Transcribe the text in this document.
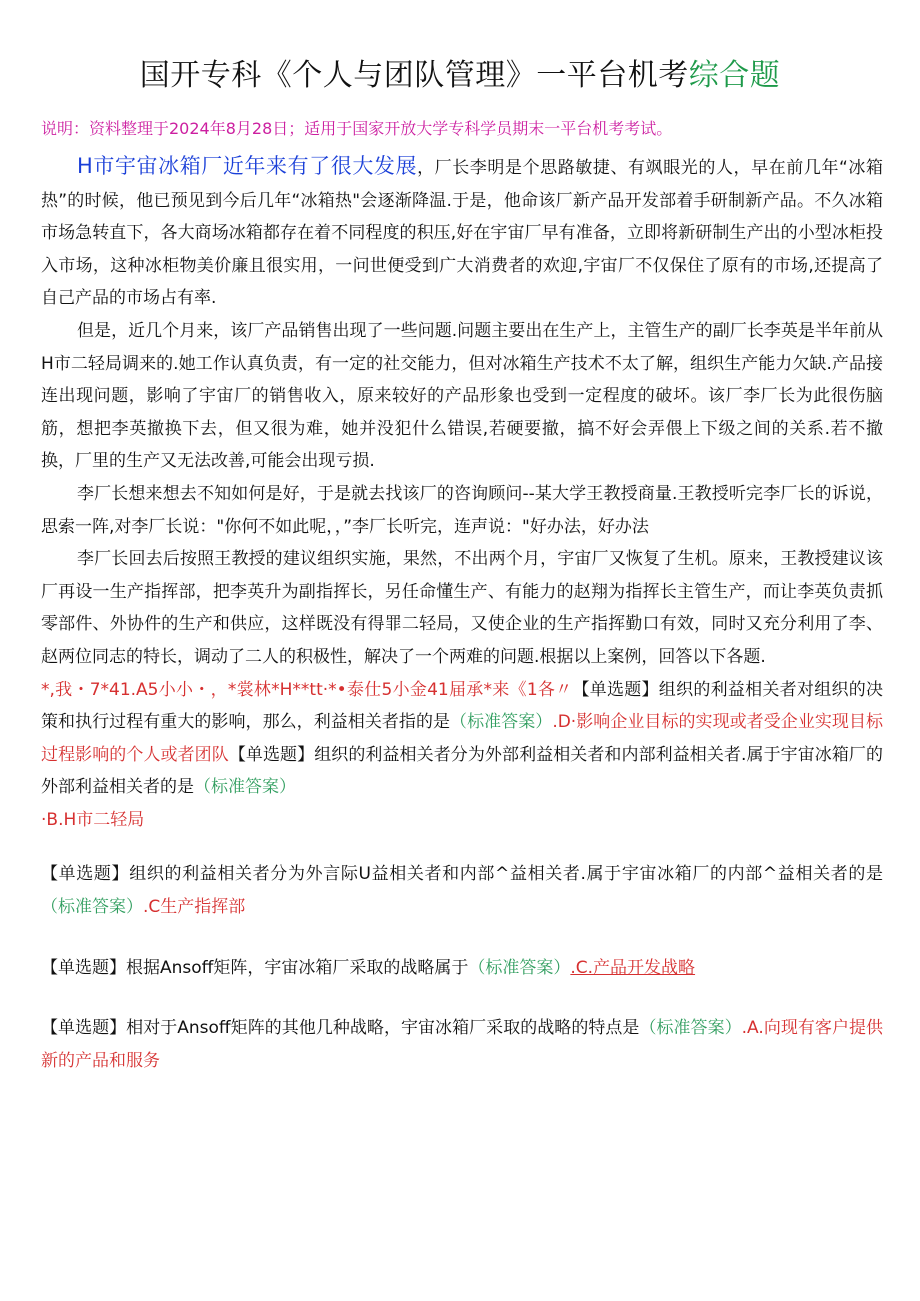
国开专科《个人与团队管理》一平台机考综合题
说明：资料整理于2024年8月28日；适用于国家开放大学专科学员期末一平台机考考试。

H市宇宙冰箱厂近年来有了很大发展，厂长李明是个思路敏捷、有飒眼光的人，早在前几年“冰箱热”的时候，他已预见到今后几年“冰箱热"会逐渐降温.于是，他命该厂新产品开发部着手研制新产品。不久冰箱市场急转直下，各大商场冰箱都存在着不同程度的积压,好在宇宙厂早有准备，立即将新研制生产出的小型冰柜投入市场，这种冰柜物美价廉且很实用，一问世便受到广大消费者的欢迎,宇宙厂不仅保住了原有的市场,还提高了自己产品的市场占有率.

但是，近几个月来，该厂产品销售出现了一些问题.问题主要出在生产上，主管生产的副厂长李英是半年前从H市二轻局调来的.她工作认真负责，有一定的社交能力，但对冰箱生产技术不太了解，组织生产能力欠缺.产品接连出现问题，影响了宇宙厂的销售收入，原来较好的产品形象也受到一定程度的破坏。该厂李厂长为此很伤脑筋，想把李英撤换下去，但又很为难，她并没犯什么错误,若硬要撤，搞不好会弄偎上下级之间的关系.若不撤换，厂里的生产又无法改善,可能会出现亏损.

李厂长想来想去不知如何是好，于是就去找该厂的咨询顾问--某大学王教授商量.王教授听完李厂长的诉说，思索一阵,对李厂长说："你何不如此呢，，”李厂长听完，连声说："好办法，好办法

李厂长回去后按照王教授的建议组织实施，果然，不出两个月，宇宙厂又恢复了生机。原来，王教授建议该厂再设一生产指挥部，把李英升为副指挥长，另任命懂生产、有能力的赵翔为指挥长主管生产，而让李英负责抓零部件、外协件的生产和供应，这样既没有得罪二轻局，又使企业的生产指挥勤口有效，同时又充分利用了李、赵两位同志的特长，调动了二人的积极性，解决了一个两难的问题.根据以上案例，回答以下各题.

*,我・7*41.A5小小・，*裳林*H**tt·*•泰仕5小金41届承*来《1各〃【单选题】组织的利益相关者对组织的决策和执行过程有重大的影响，那么，利益相关者指的是（标准答案）.D·影响企业目标的实现或者受企业实现目标过程影响的个人或者团队【单选题】组织的利益相关者分为外部利益相关者和内部利益相关者.属于宇宙冰箱厂的外部利益相关者的是（标准答案）
·B.H市二轻局

【单选题】组织的利益相关者分为外言际U益相关者和内部^益相关者.属于宇宙冰箱厂的内部^益相关者的是（标准答案）.C生产指挥部

【单选题】根据Ansoff矩阵，宇宙冰箱厂采取的战略属于（标准答案）.C.产品开发战略

【单选题】相对于Ansoff矩阵的其他几种战略，宇宙冰箱厂采取的战略的特点是（标准答案）.A.向现有客户提供新的产品和服务
